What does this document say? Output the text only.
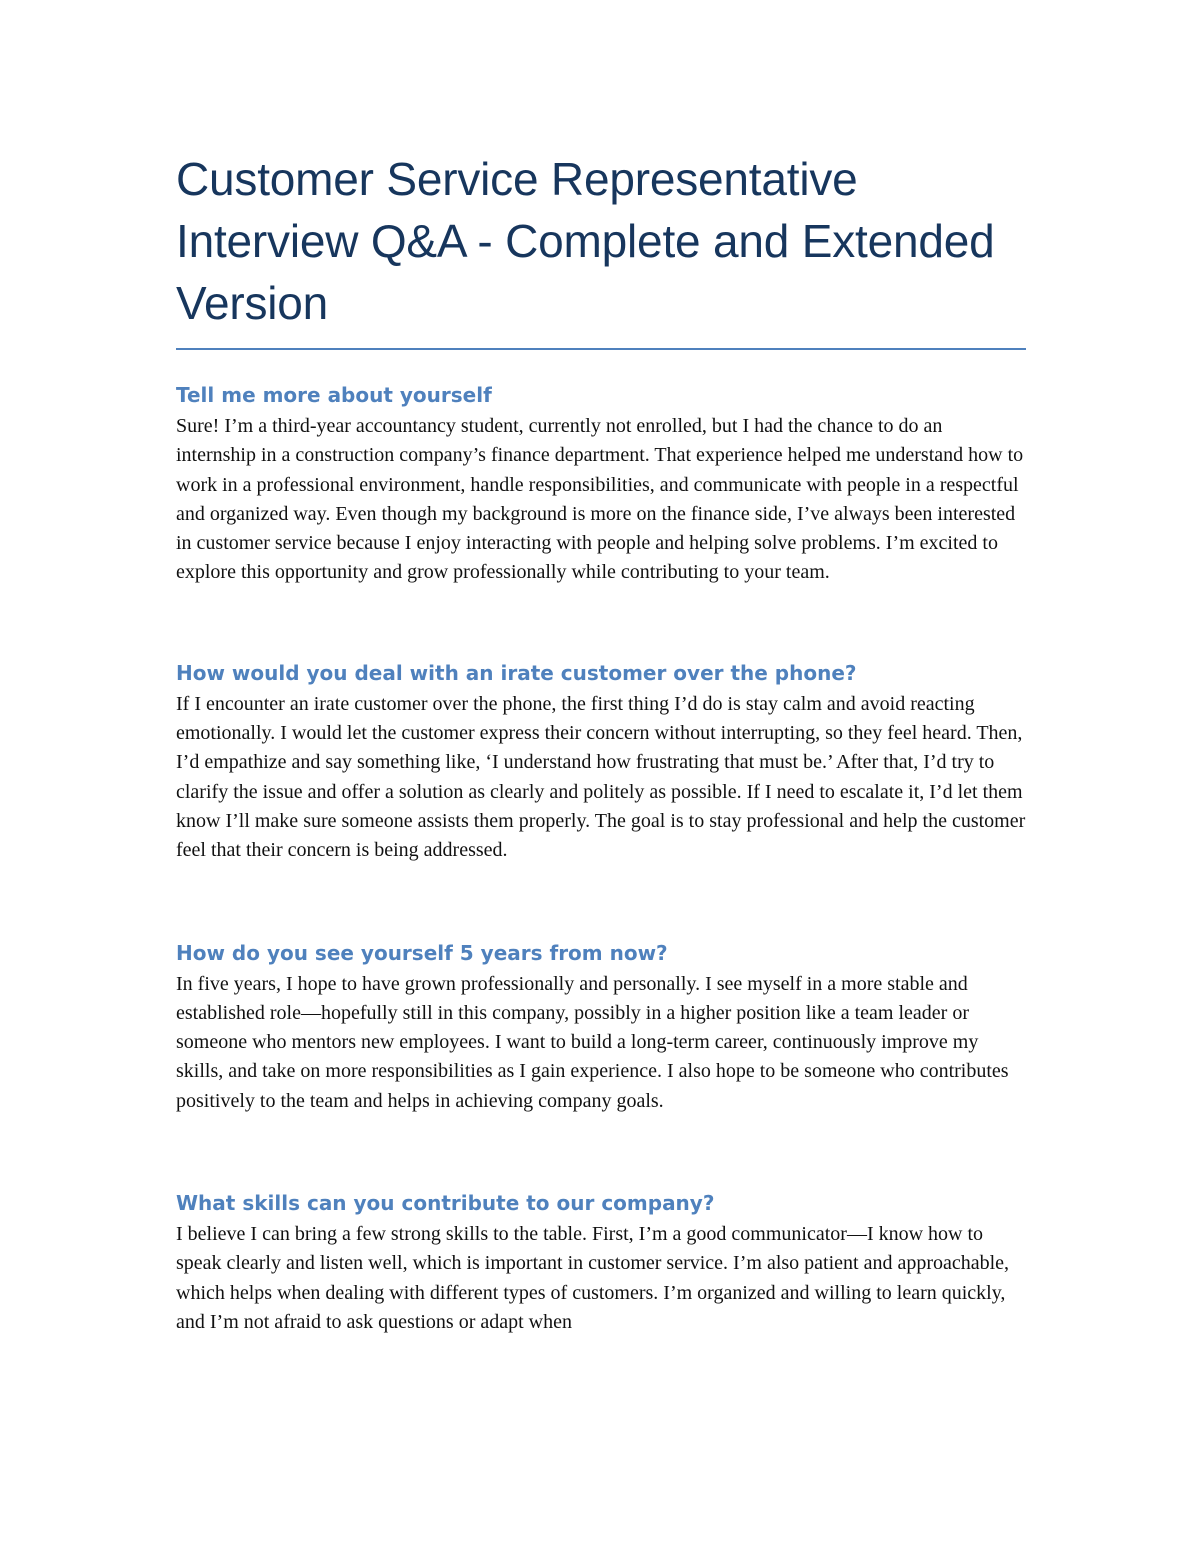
Customer Service Representative Interview Q&A - Complete and Extended Version
Tell me more about yourself

Sure! I’m a third-year accountancy student, currently not enrolled, but I had the chance to do an internship in a construction company’s finance department. That experience helped me understand how to work in a professional environment, handle responsibilities, and communicate with people in a respectful and organized way. Even though my background is more on the finance side, I’ve always been interested in customer service because I enjoy interacting with people and helping solve problems. I’m excited to explore this opportunity and grow professionally while contributing to your team.

How would you deal with an irate customer over the phone?

If I encounter an irate customer over the phone, the first thing I’d do is stay calm and avoid reacting emotionally. I would let the customer express their concern without interrupting, so they feel heard. Then, I’d empathize and say something like, ‘I understand how frustrating that must be.’ After that, I’d try to clarify the issue and offer a solution as clearly and politely as possible. If I need to escalate it, I’d let them know I’ll make sure someone assists them properly. The goal is to stay professional and help the customer feel that their concern is being addressed.

How do you see yourself 5 years from now?

In five years, I hope to have grown professionally and personally. I see myself in a more stable and established role—hopefully still in this company, possibly in a higher position like a team leader or someone who mentors new employees. I want to build a long-term career, continuously improve my skills, and take on more responsibilities as I gain experience. I also hope to be someone who contributes positively to the team and helps in achieving company goals.

What skills can you contribute to our company?

I believe I can bring a few strong skills to the table. First, I’m a good communicator—I know how to speak clearly and listen well, which is important in customer service. I’m also patient and approachable, which helps when dealing with different types of customers. I’m organized and willing to learn quickly, and I’m not afraid to ask questions or adapt when
